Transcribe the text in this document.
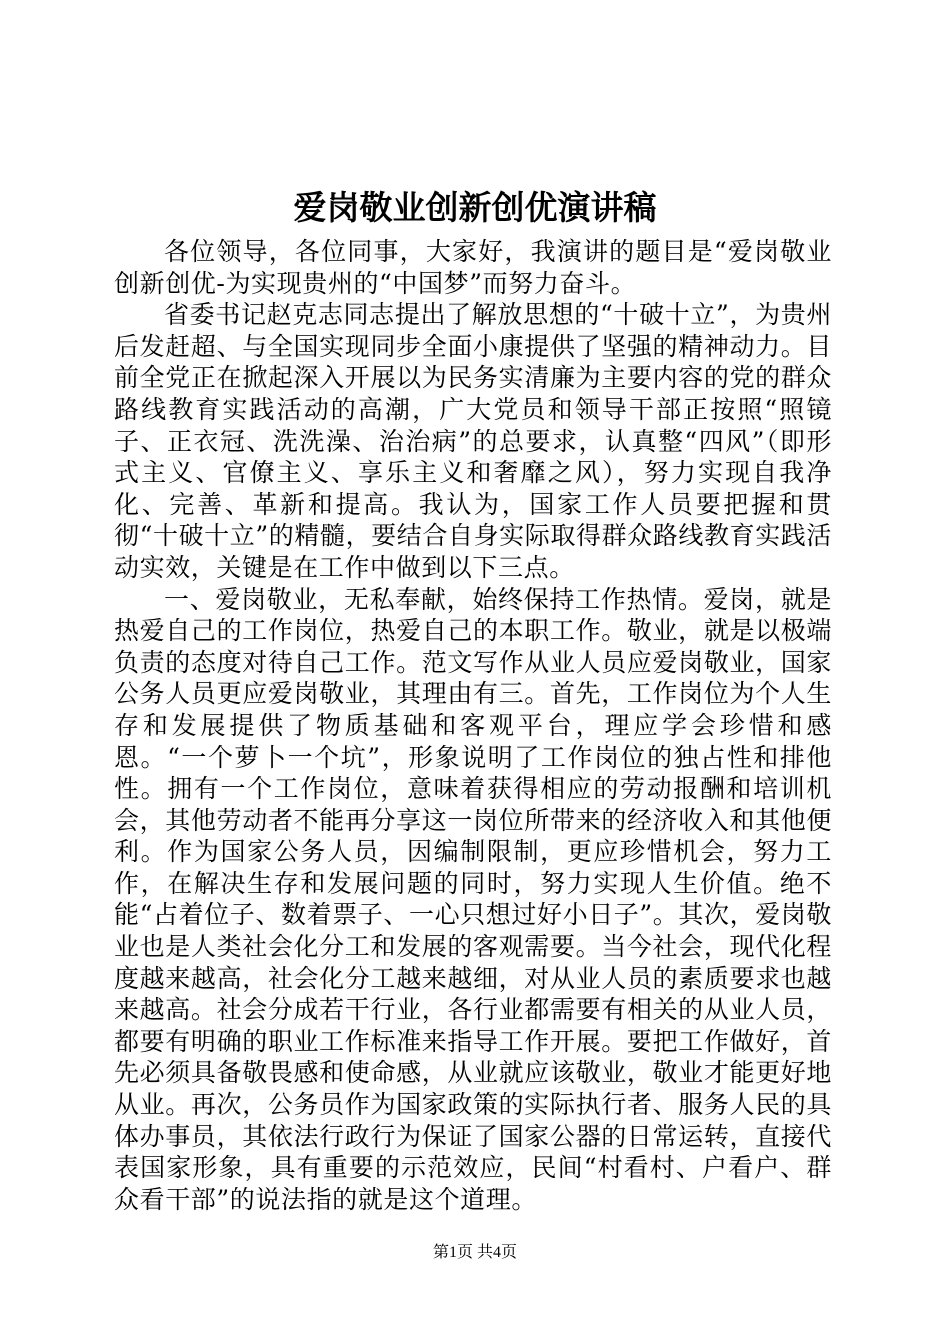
爱岗敬业创新创优演讲稿

各位领导，各位同事，大家好，我演讲的题目是“爱岗敬业创新创优-为实现贵州的“中国梦”而努力奋斗。

省委书记赵克志同志提出了解放思想的“十破十立”，为贵州后发赶超、与全国实现同步全面小康提供了坚强的精神动力。目前全党正在掀起深入开展以为民务实清廉为主要内容的党的群众路线教育实践活动的高潮，广大党员和领导干部正按照“照镜子、正衣冠、洗洗澡、治治病”的总要求，认真整“四风”（即形式主义、官僚主义、享乐主义和奢靡之风），努力实现自我净化、完善、革新和提高。我认为，国家工作人员要把握和贯彻“十破十立”的精髓，要结合自身实际取得群众路线教育实践活动实效，关键是在工作中做到以下三点。

一、爱岗敬业，无私奉献，始终保持工作热情。爱岗，就是热爱自己的工作岗位，热爱自己的本职工作。敬业，就是以极端负责的态度对待自己工作。范文写作从业人员应爱岗敬业，国家公务人员更应爱岗敬业，其理由有三。首先，工作岗位为个人生存和发展提供了物质基础和客观平台，理应学会珍惜和感恩。“一个萝卜一个坑”，形象说明了工作岗位的独占性和排他性。拥有一个工作岗位，意味着获得相应的劳动报酬和培训机会，其他劳动者不能再分享这一岗位所带来的经济收入和其他便利。作为国家公务人员，因编制限制，更应珍惜机会，努力工作，在解决生存和发展问题的同时，努力实现人生价值。绝不能“占着位子、数着票子、一心只想过好小日子”。其次，爱岗敬业也是人类社会化分工和发展的客观需要。当今社会，现代化程度越来越高，社会化分工越来越细，对从业人员的素质要求也越来越高。社会分成若干行业，各行业都需要有相关的从业人员，都要有明确的职业工作标准来指导工作开展。要把工作做好，首先必须具备敬畏感和使命感，从业就应该敬业，敬业才能更好地从业。再次，公务员作为国家政策的实际执行者、服务人民的具体办事员，其依法行政行为保证了国家公器的日常运转，直接代表国家形象，具有重要的示范效应，民间“村看村、户看户、群众看干部”的说法指的就是这个道理。

第1页 共4页
